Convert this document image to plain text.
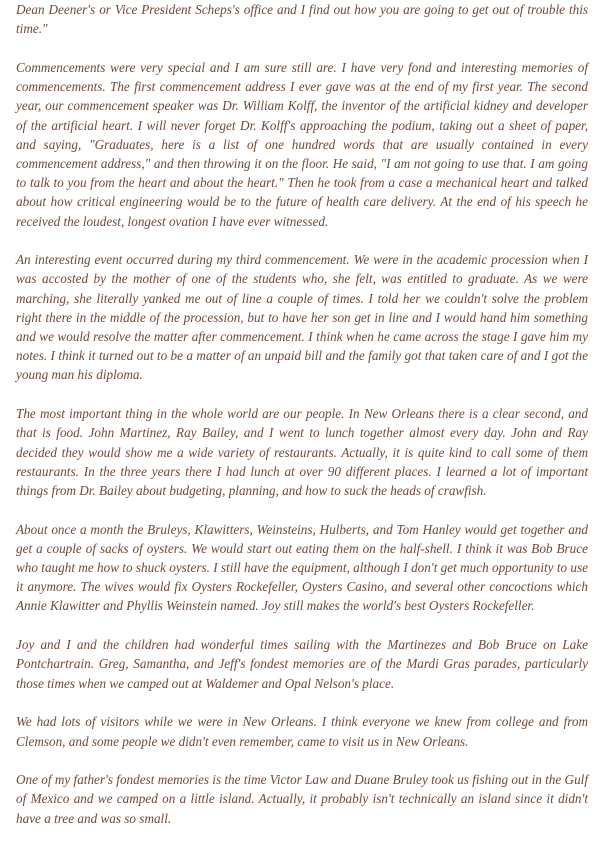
Dean Deener's or Vice President Scheps's office and I find out how you are going to get out of trouble this time."

Commencements were very special and I am sure still are. I have very fond and interesting memories of commencements. The first commencement address I ever gave was at the end of my first year. The second year, our commencement speaker was Dr. William Kolff, the inventor of the artificial kidney and developer of the artificial heart. I will never forget Dr. Kolff's approaching the podium, taking out a sheet of paper, and saying, "Graduates, here is a list of one hundred words that are usually contained in every commencement address," and then throwing it on the floor. He said, "I am not going to use that. I am going to talk to you from the heart and about the heart." Then he took from a case a mechanical heart and talked about how critical engineering would be to the future of health care delivery. At the end of his speech he received the loudest, longest ovation I have ever witnessed.

An interesting event occurred during my third commencement. We were in the academic procession when I was accosted by the mother of one of the students who, she felt, was entitled to graduate. As we were marching, she literally yanked me out of line a couple of times. I told her we couldn't solve the problem right there in the middle of the procession, but to have her son get in line and I would hand him something and we would resolve the matter after commencement. I think when he came across the stage I gave him my notes. I think it turned out to be a matter of an unpaid bill and the family got that taken care of and I got the young man his diploma.

The most important thing in the whole world are our people. In New Orleans there is a clear second, and that is food. John Martinez, Ray Bailey, and I went to lunch together almost every day. John and Ray decided they would show me a wide variety of restaurants. Actually, it is quite kind to call some of them restaurants. In the three years there I had lunch at over 90 different places. I learned a lot of important things from Dr. Bailey about budgeting, planning, and how to suck the heads of crawfish.

About once a month the Bruleys, Klawitters, Weinsteins, Hulberts, and Tom Hanley would get together and get a couple of sacks of oysters. We would start out eating them on the half-shell. I think it was Bob Bruce who taught me how to shuck oysters. I still have the equipment, although I don't get much opportunity to use it anymore. The wives would fix Oysters Rockefeller, Oysters Casino, and several other concoctions which Annie Klawitter and Phyllis Weinstein named. Joy still makes the world's best Oysters Rockefeller.

Joy and I and the children had wonderful times sailing with the Martinezes and Bob Bruce on Lake Pontchartrain. Greg, Samantha, and Jeff's fondest memories are of the Mardi Gras parades, particularly those times when we camped out at Waldemer and Opal Nelson's place.

We had lots of visitors while we were in New Orleans. I think everyone we knew from college and from Clemson, and some people we didn't even remember, came to visit us in New Orleans.

One of my father's fondest memories is the time Victor Law and Duane Bruley took us fishing out in the Gulf of Mexico and we camped on a little island. Actually, it probably isn't technically an island since it didn't have a tree and was so small.
